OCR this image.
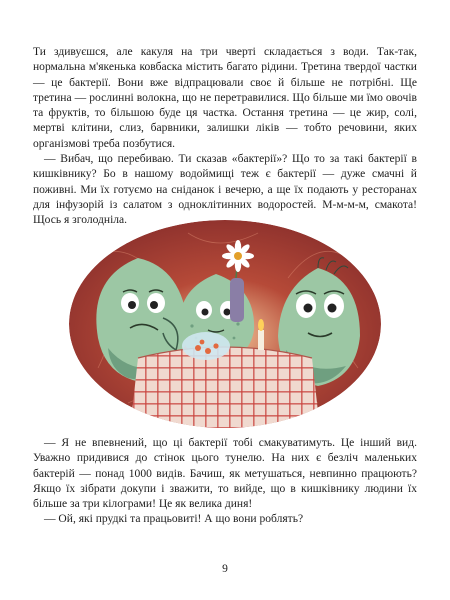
Ти здивуєшся, але какуля на три чверті складається з води. Так-так, нормальна м'якенька ковбаска містить багато рідини. Третина твердої частки — це бактерії. Вони вже відпрацювали своє й більше не потрібні. Ще третина — рослинні волокна, що не перетравилися. Що більше ми їмо овочів та фруктів, то більшою буде ця частка. Остання третина — це жир, солі, мертві клітини, слиз, барвники, залишки ліків — тобто речовини, яких організмові треба позбутися.

— Вибач, що перебиваю. Ти сказав «бактерії»? Що то за такі бактерії в кишківнику? Бо в нашому водоймищі теж є бактерії — дуже смачні й поживні. Ми їх готуємо на сніданок і вечерю, а ще їх подають у ресторанах для інфузорій із салатом з одноклітинних водоростей. М-м-м-м, смакота! Щось я зголодніла.

— Я не впевнений, що ці бактерії тобі смакуватимуть. Це інший вид. Уважно придивися до стінок цього тунелю. На них є безліч маленьких бактерій — понад 1000 видів. Бачиш, як метушаться, невпинно працюють? Якщо їх зібрати докупи і зважити, то вийде, що в кишківнику людини їх більше за три кілограми! Це як велика диня!

— Ой, які прудкі та працьовиті! А що вони роблять?

9
